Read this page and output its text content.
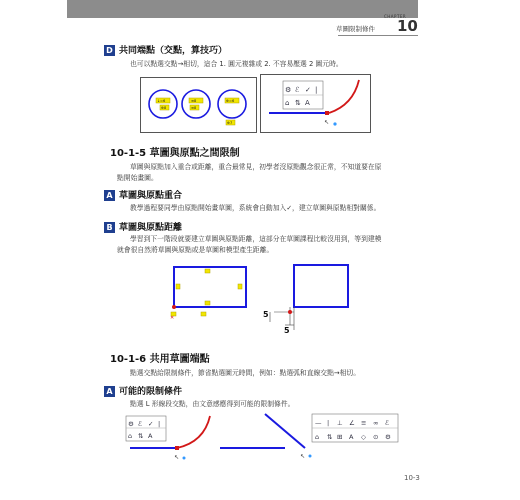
CHAPTER
10
草圖限制條件
D 共同端點（交點，算技巧）
也可以點選交點→相切，這合 1. 圓元複雜或 2. 不容易壓選 2 圖元時。
↓=6
⊕8
≡8
≡8
⊕=6
⊕7
⚙ ℰ ✓ |
⌂ ⇅ A
↖
10-1-5 草圖與原點之間限制
草圖與原點加入重合或距離，重合最常見，初學者沒原點觀念很正常，不知道要在原
點開始畫圖。
A 草圖與原點重合
教學過程要同學由原點開始畫草圖，系統會自動加入✓，建立草圖與原點相對關係。
B 草圖與原點距離
學習到下一階段就要建立草圖與原點距離，這部分在草圖課程比較沒用到，等到建模
就會很自然將草圖與原點或是草圖和模型產生距離。
✕	5
5
10-1-6 共用草圖端點
點選交點給限制條件，節省點選圖元時間，例如：點選弧和直線交點→相切。
A 可能的限制條件
點選 L 形線段交點，由文意感應得到可能的限制條件。
⚙ ℰ ✓ |
⌂ ⇅ A
↖	↖
— | ⊥ ∠ ≡ ∞ ℰ
⌂ ⇅ ⊞ A ◇ ⊙ ⚙
10-3
